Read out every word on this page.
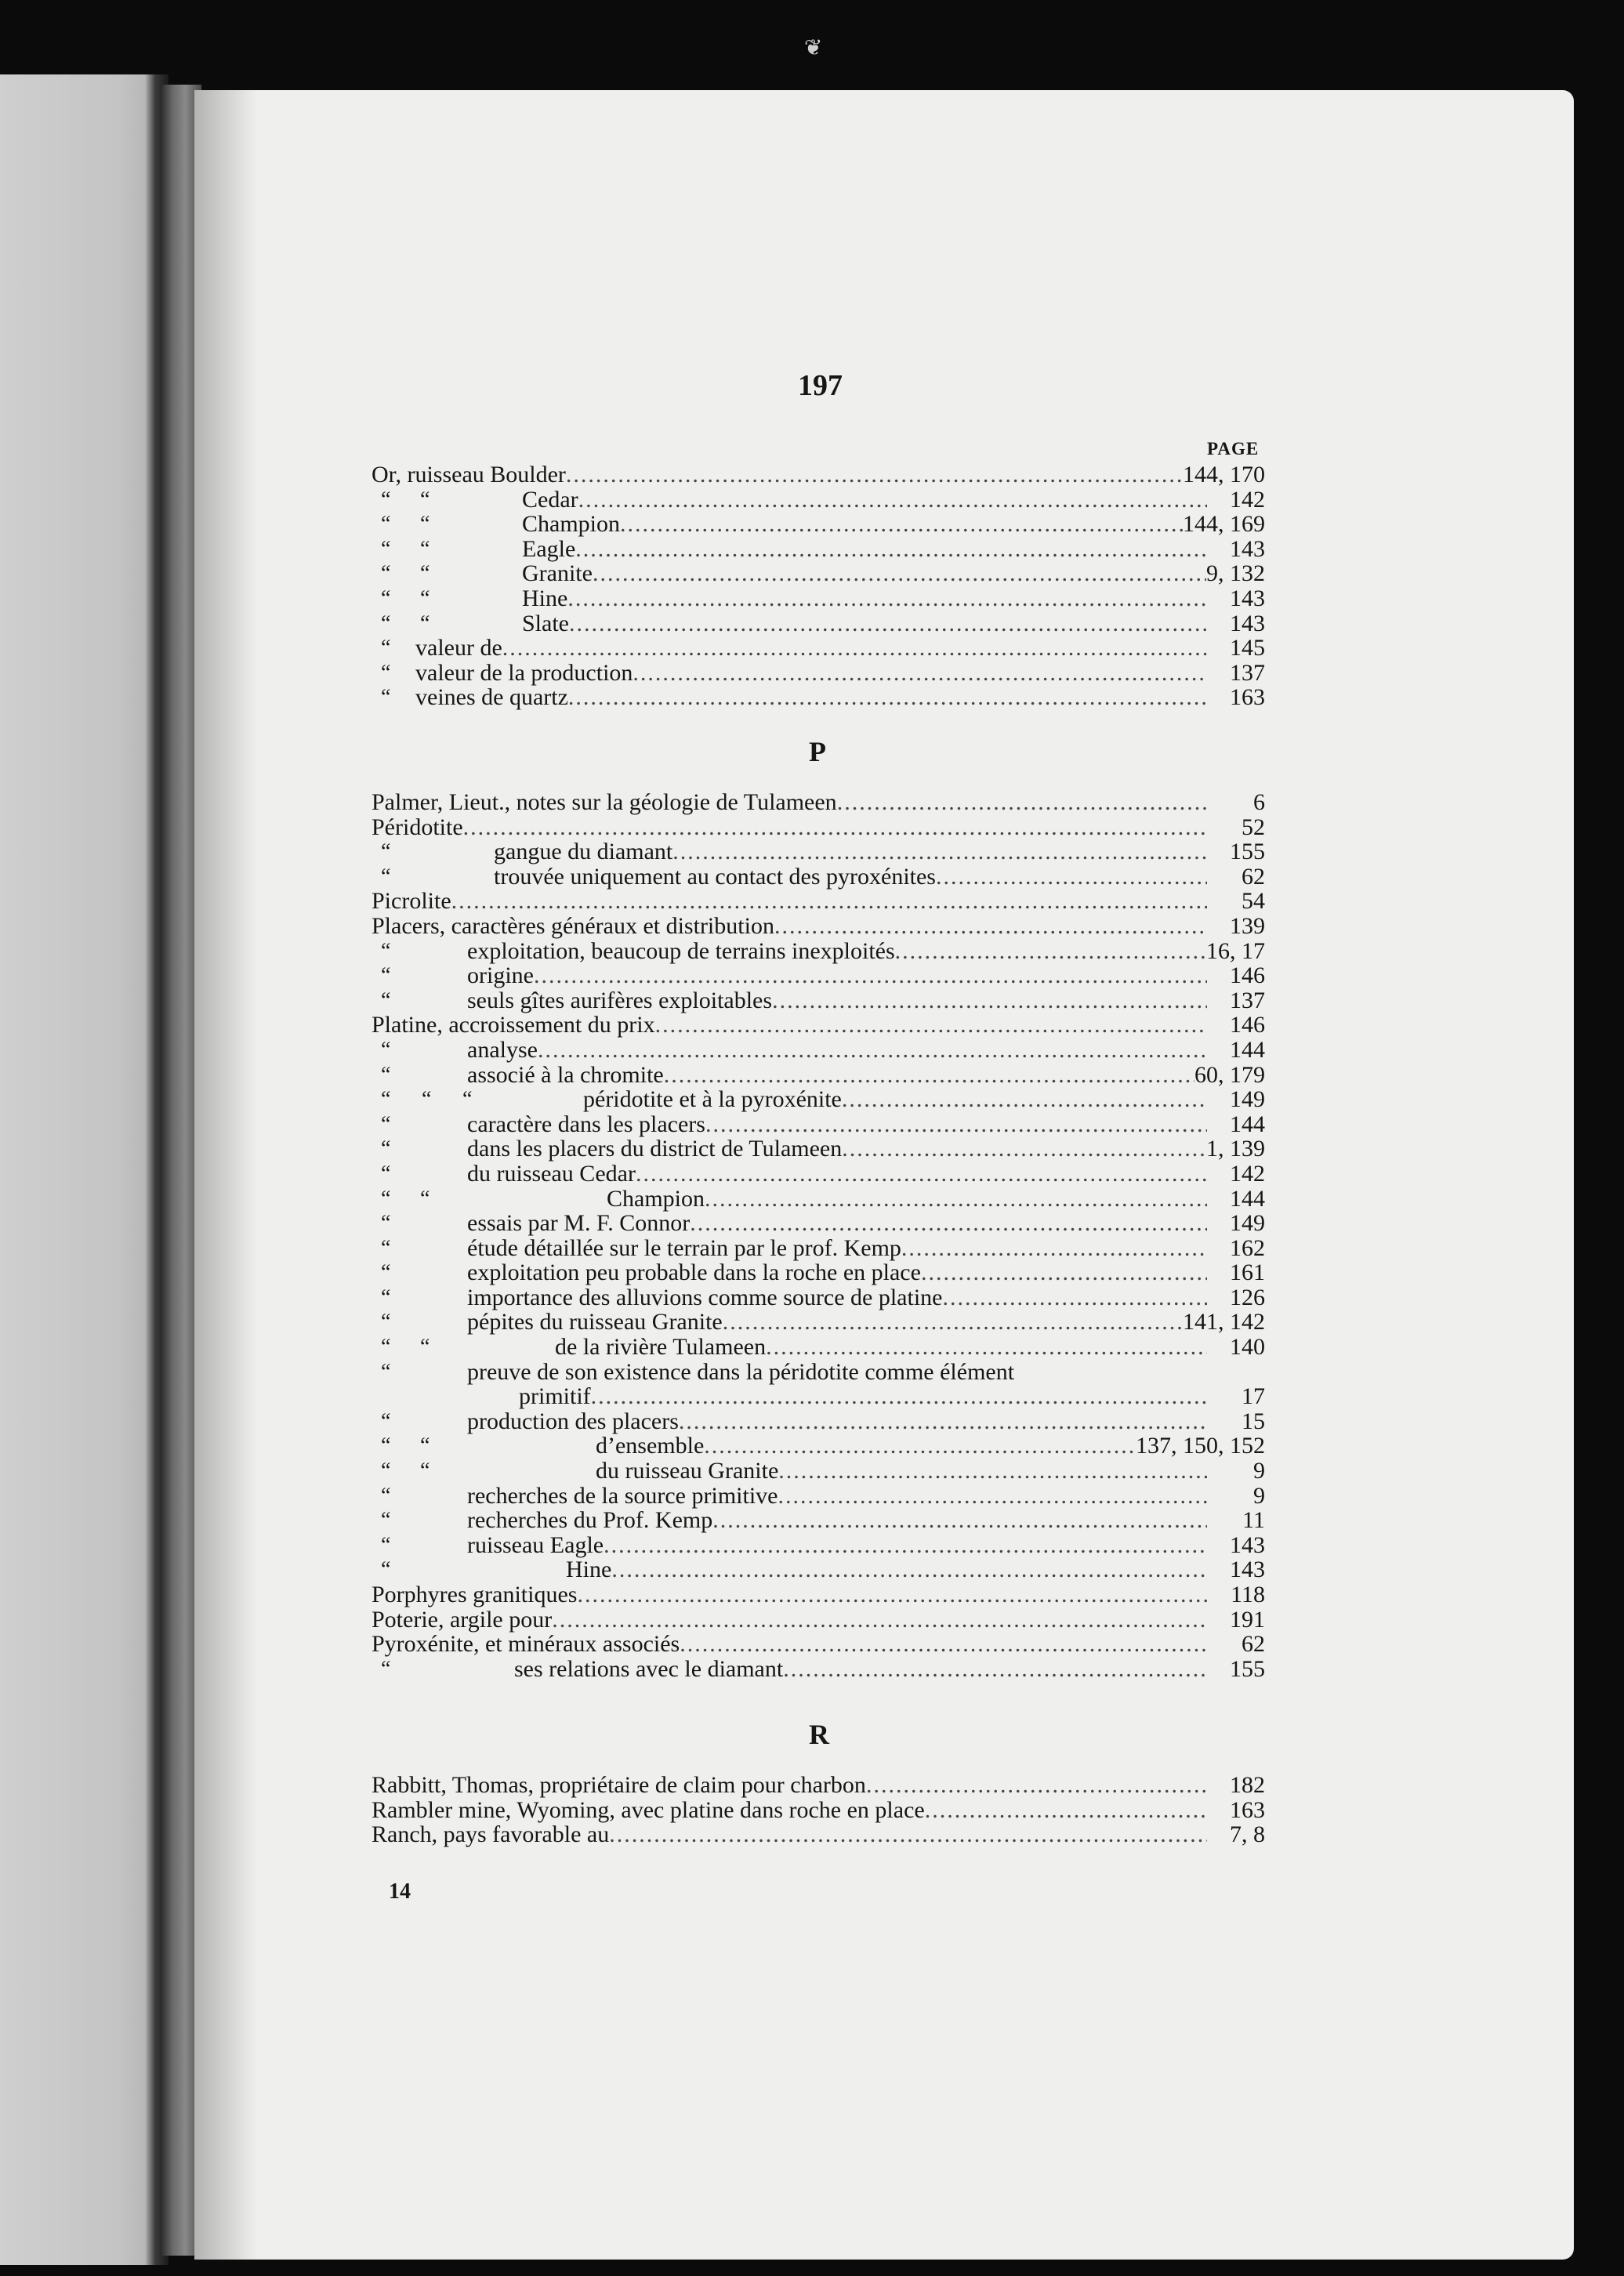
❦
197
PAGE
Or, ruisseau Boulder .....	144, 170
“ “	Cedar .....	142
“ “	Champion .....	144, 169
“ “	Eagle .....	143
“ “	Granite .....	9, 132
“ “	Hine .....	143
“ “	Slate .....	143
“ valeur de .....	145
“ valeur de la production .....	137
“ veines de quartz .....	163
P
Palmer, Lieut., notes sur la géologie de Tulameen .....	6
Péridotite .....	52
“	gangue du diamant .....	155
“	trouvée uniquement au contact des pyroxénites .....	62
Picrolite .....	54
Placers, caractères généraux et distribution .....	139
“	exploitation, beaucoup de terrains inexploités .....	16, 17
“	origine .....	146
“	seuls gîtes aurifères exploitables .....	137
Platine, accroissement du prix .....	146
“	analyse .....	144
“	associé à la chromite .....	60, 179
“ “ “	péridotite et à la pyroxénite .....	149
“	caractère dans les placers .....	144
“	dans les placers du district de Tulameen .....	1, 139
“	du ruisseau Cedar .....	142
“ “	Champion .....	144
“	essais par M. F. Connor .....	149
“	étude détaillée sur le terrain par le prof. Kemp .....	162
“	exploitation peu probable dans la roche en place .....	161
“	importance des alluvions comme source de platine .....	126
“	pépites du ruisseau Granite .....	141, 142
“ “	de la rivière Tulameen .....	140
“	preuve de son existence dans la péridotite comme élément
primitif .....	17
“	production des placers .....	15
“ “	d’ensemble .....	137, 150, 152
“ “	du ruisseau Granite .....	9
“	recherches de la source primitive .....	9
“	recherches du Prof. Kemp .....	11
“	ruisseau Eagle .....	143
“	Hine .....	143
Porphyres granitiques .....	118
Poterie, argile pour .....	191
Pyroxénite, et minéraux associés .....	62
“	ses relations avec le diamant .....	155
R
Rabbitt, Thomas, propriétaire de claim pour charbon .....	182
Rambler mine, Wyoming, avec platine dans roche en place .....	163
Ranch, pays favorable au .....	7, 8
14
